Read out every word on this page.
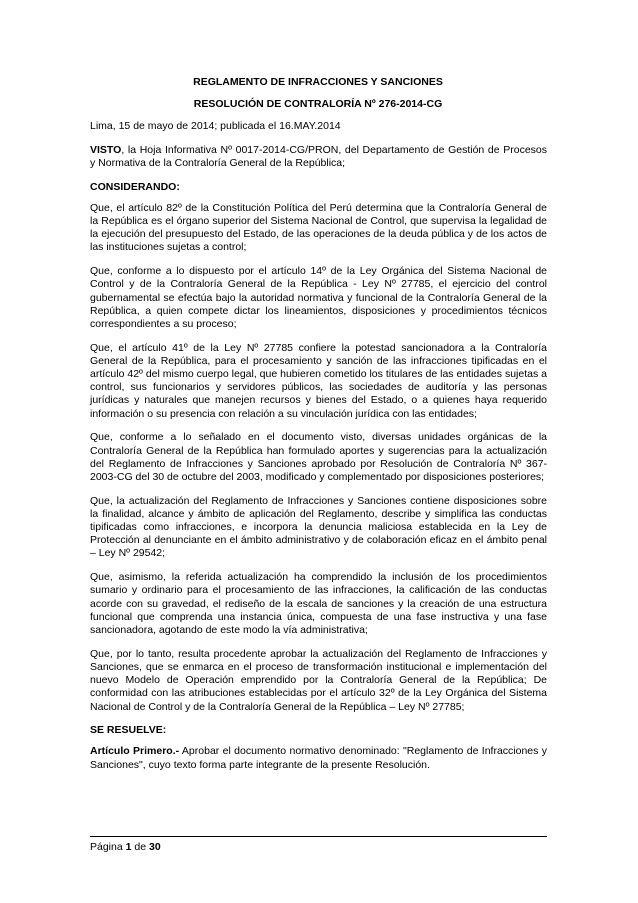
REGLAMENTO DE INFRACCIONES Y SANCIONES
RESOLUCIÓN DE CONTRALORÍA Nº 276-2014-CG

Lima, 15 de mayo de 2014; publicada el 16.MAY.2014

VISTO, la Hoja Informativa Nº 0017-2014-CG/PRON, del Departamento de Gestión de Procesos y Normativa de la Contraloría General de la República;

CONSIDERANDO:

Que, el artículo 82º de la Constitución Política del Perú determina que la Contraloría General de la República es el órgano superior del Sistema Nacional de Control, que supervisa la legalidad de la ejecución del presupuesto del Estado, de las operaciones de la deuda pública y de los actos de las instituciones sujetas a control;

Que, conforme a lo dispuesto por el artículo 14º de la Ley Orgánica del Sistema Nacional de Control y de la Contraloría General de la República - Ley Nº 27785, el ejercicio del control gubernamental se efectúa bajo la autoridad normativa y funcional de la Contraloría General de la República, a quien compete dictar los lineamientos, disposiciones y procedimientos técnicos correspondientes a su proceso;

Que, el artículo 41º de la Ley Nº 27785 confiere la potestad sancionadora a la Contraloría General de la República, para el procesamiento y sanción de las infracciones tipificadas en el artículo 42º del mismo cuerpo legal, que hubieren cometido los titulares de las entidades sujetas a control, sus funcionarios y servidores públicos, las sociedades de auditoría y las personas jurídicas y naturales que manejen recursos y bienes del Estado, o a quienes haya requerido información o su presencia con relación a su vinculación jurídica con las entidades;

Que, conforme a lo señalado en el documento visto, diversas unidades orgánicas de la Contraloría General de la República han formulado aportes y sugerencias para la actualización del Reglamento de Infracciones y Sanciones aprobado por Resolución de Contraloría Nº 367-2003-CG del 30 de octubre del 2003, modificado y complementado por disposiciones posteriores;

Que, la actualización del Reglamento de Infracciones y Sanciones contiene disposiciones sobre la finalidad, alcance y ámbito de aplicación del Reglamento, describe y simplifica las conductas tipificadas como infracciones, e incorpora la denuncia maliciosa establecida en la Ley de Protección al denunciante en el ámbito administrativo y de colaboración eficaz en el ámbito penal – Ley Nº 29542;

Que, asimismo, la referida actualización ha comprendido la inclusión de los procedimientos sumario y ordinario para el procesamiento de las infracciones, la calificación de las conductas acorde con su gravedad, el rediseño de la escala de sanciones y la creación de una estructura funcional que comprenda una instancia única, compuesta de una fase instructiva y una fase sancionadora, agotando de este modo la vía administrativa;

Que, por lo tanto, resulta procedente aprobar la actualización del Reglamento de Infracciones y Sanciones, que se enmarca en el proceso de transformación institucional e implementación del nuevo Modelo de Operación emprendido por la Contraloría General de la República; De conformidad con las atribuciones establecidas por el artículo 32º de la Ley Orgánica del Sistema Nacional de Control y de la Contraloría General de la República – Ley Nº 27785;

SE RESUELVE:

Artículo Primero.- Aprobar el documento normativo denominado: "Reglamento de Infracciones y Sanciones", cuyo texto forma parte integrante de la presente Resolución.

Página 1 de 30
